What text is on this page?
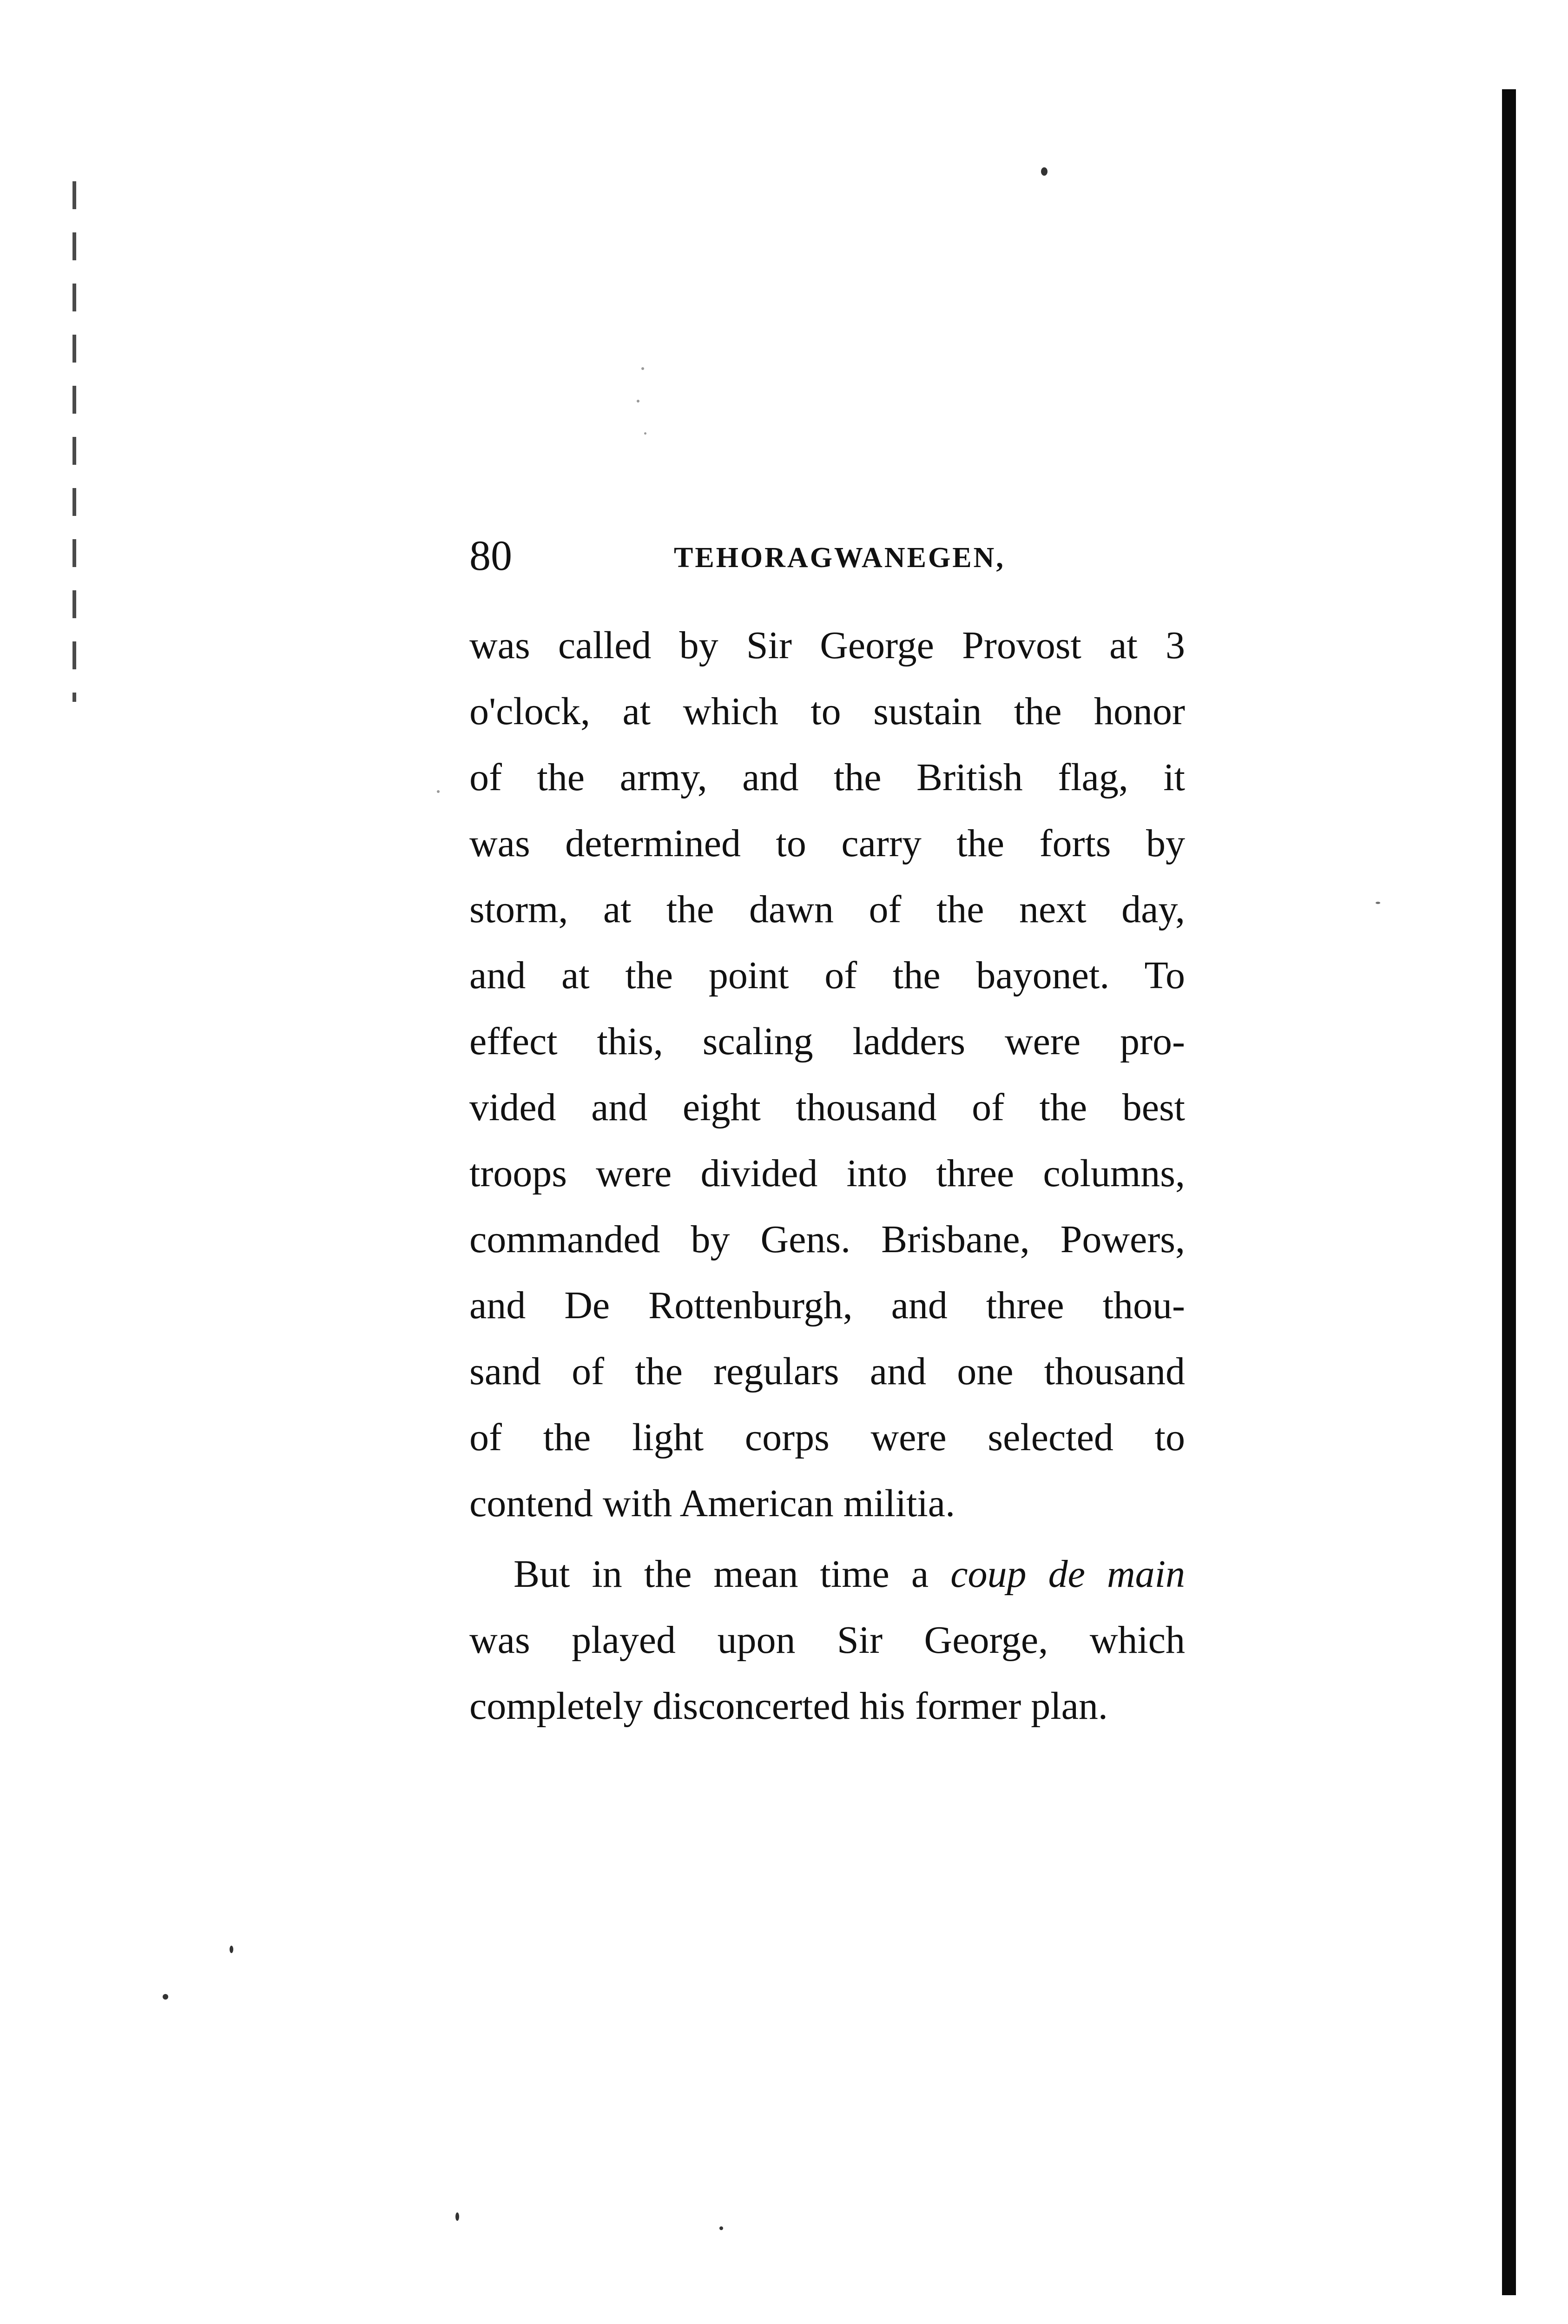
80	TEHORAGWANEGEN,
was called by Sir George Provost at 3
o'clock, at which to sustain the honor
of the army, and the British flag, it
was determined to carry the forts by
storm, at the dawn of the next day,
and at the point of the bayonet. To
effect this, scaling ladders were pro-
vided and eight thousand of the best
troops were divided into three columns,
commanded by Gens. Brisbane, Powers,
and De Rottenburgh, and three thou-
sand of the regulars and one thousand
of the light corps were selected to
contend with American militia.
But in the mean time a coup de main
was played upon Sir George, which
completely disconcerted his former plan.
